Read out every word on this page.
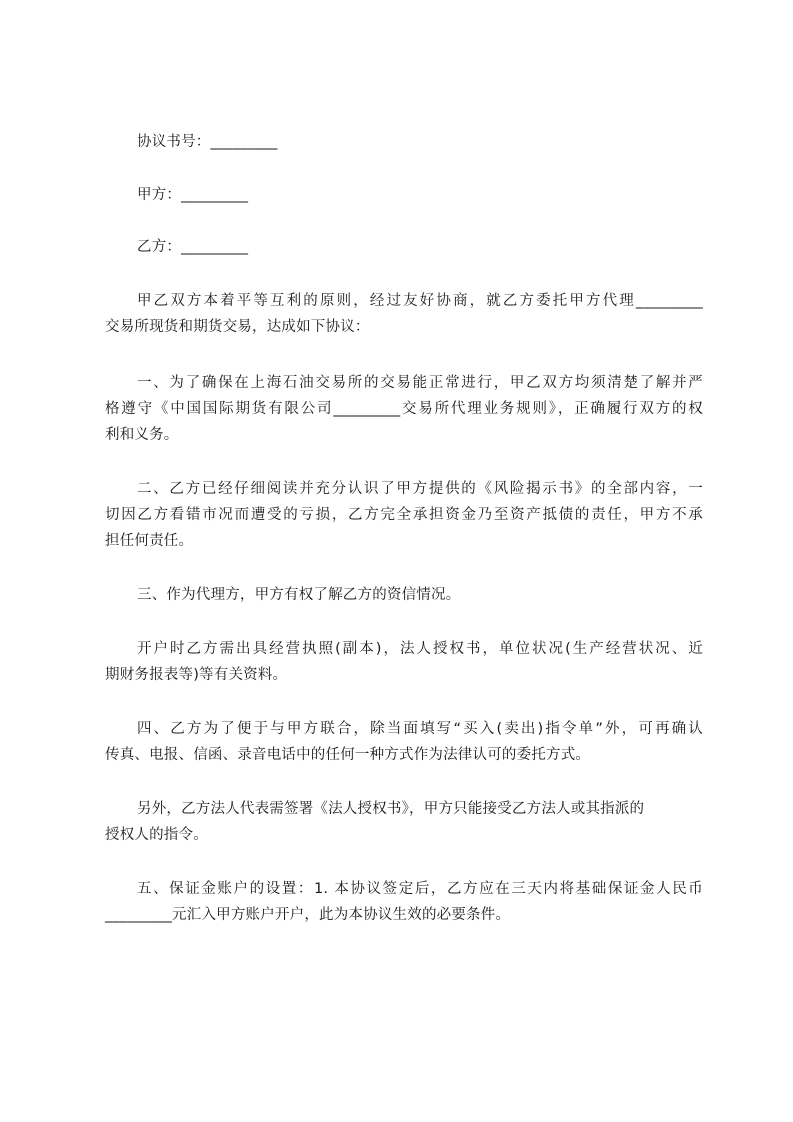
协议书号：_________
甲方：_________
乙方：_________
甲乙双方本着平等互利的原则，经过友好协商，就乙方委托甲方代理_________
交易所现货和期货交易，达成如下协议：
一、为了确保在上海石油交易所的交易能正常进行，甲乙双方均须清楚了解并严
格遵守《中国国际期货有限公司_________交易所代理业务规则》，正确履行双方的权
利和义务。
二、乙方已经仔细阅读并充分认识了甲方提供的《风险揭示书》的全部内容，一
切因乙方看错市况而遭受的亏损，乙方完全承担资金乃至资产抵债的责任，甲方不承
担任何责任。
三、作为代理方，甲方有权了解乙方的资信情况。
开户时乙方需出具经营执照(副本)，法人授权书，单位状况(生产经营状况、近
期财务报表等)等有关资料。
四、乙方为了便于与甲方联合，除当面填写“买入(卖出)指令单”外，可再确认
传真、电报、信函、录音电话中的任何一种方式作为法律认可的委托方式。
另外，乙方法人代表需签署《法人授权书》，甲方只能接受乙方法人或其指派的
授权人的指令。
五、保证金账户的设置：1. 本协议签定后，乙方应在三天内将基础保证金人民币
_________元汇入甲方账户开户，此为本协议生效的必要条件。
